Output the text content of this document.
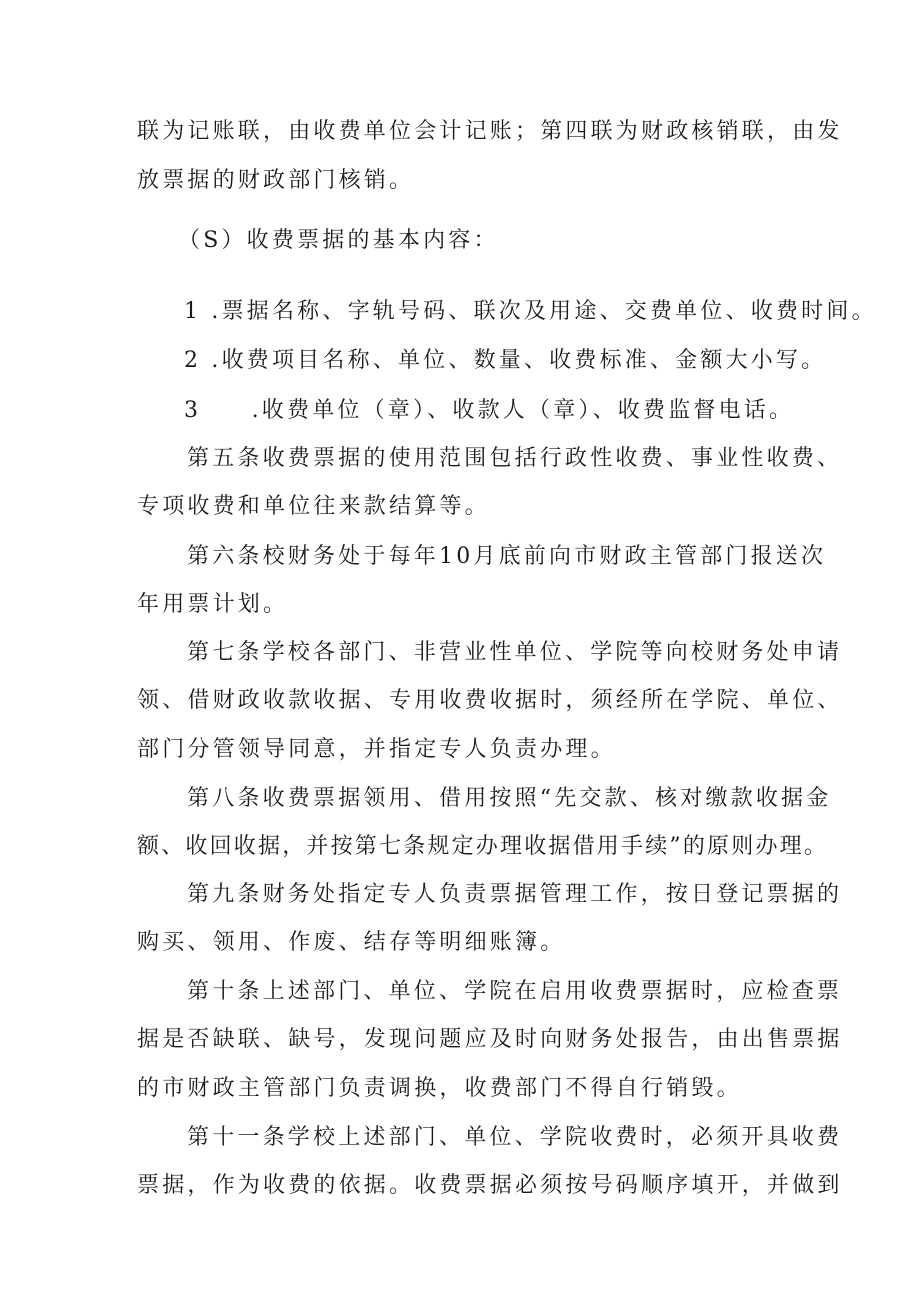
联为记账联，由收费单位会计记账；第四联为财政核销联，由发
放票据的财政部门核销。
（S）收费票据的基本内容：
1 .票据名称、字轨号码、联次及用途、交费单位、收费时间。
2 .收费项目名称、单位、数量、收费标准、金额大小写。
3　　.收费单位（章）、收款人（章）、收费监督电话。
第五条收费票据的使用范围包括行政性收费、事业性收费、
专项收费和单位往来款结算等。
第六条校财务处于每年10月底前向市财政主管部门报送次
年用票计划。
第七条学校各部门、非营业性单位、学院等向校财务处申请
领、借财政收款收据、专用收费收据时，须经所在学院、单位、
部门分管领导同意，并指定专人负责办理。
第八条收费票据领用、借用按照“先交款、核对缴款收据金
额、收回收据，并按第七条规定办理收据借用手续”的原则办理。
第九条财务处指定专人负责票据管理工作，按日登记票据的
购买、领用、作废、结存等明细账簿。
第十条上述部门、单位、学院在启用收费票据时，应检查票
据是否缺联、缺号，发现问题应及时向财务处报告，由出售票据
的市财政主管部门负责调换，收费部门不得自行销毁。
第十一条学校上述部门、单位、学院收费时，必须开具收费
票据，作为收费的依据。收费票据必须按号码顺序填开，并做到
